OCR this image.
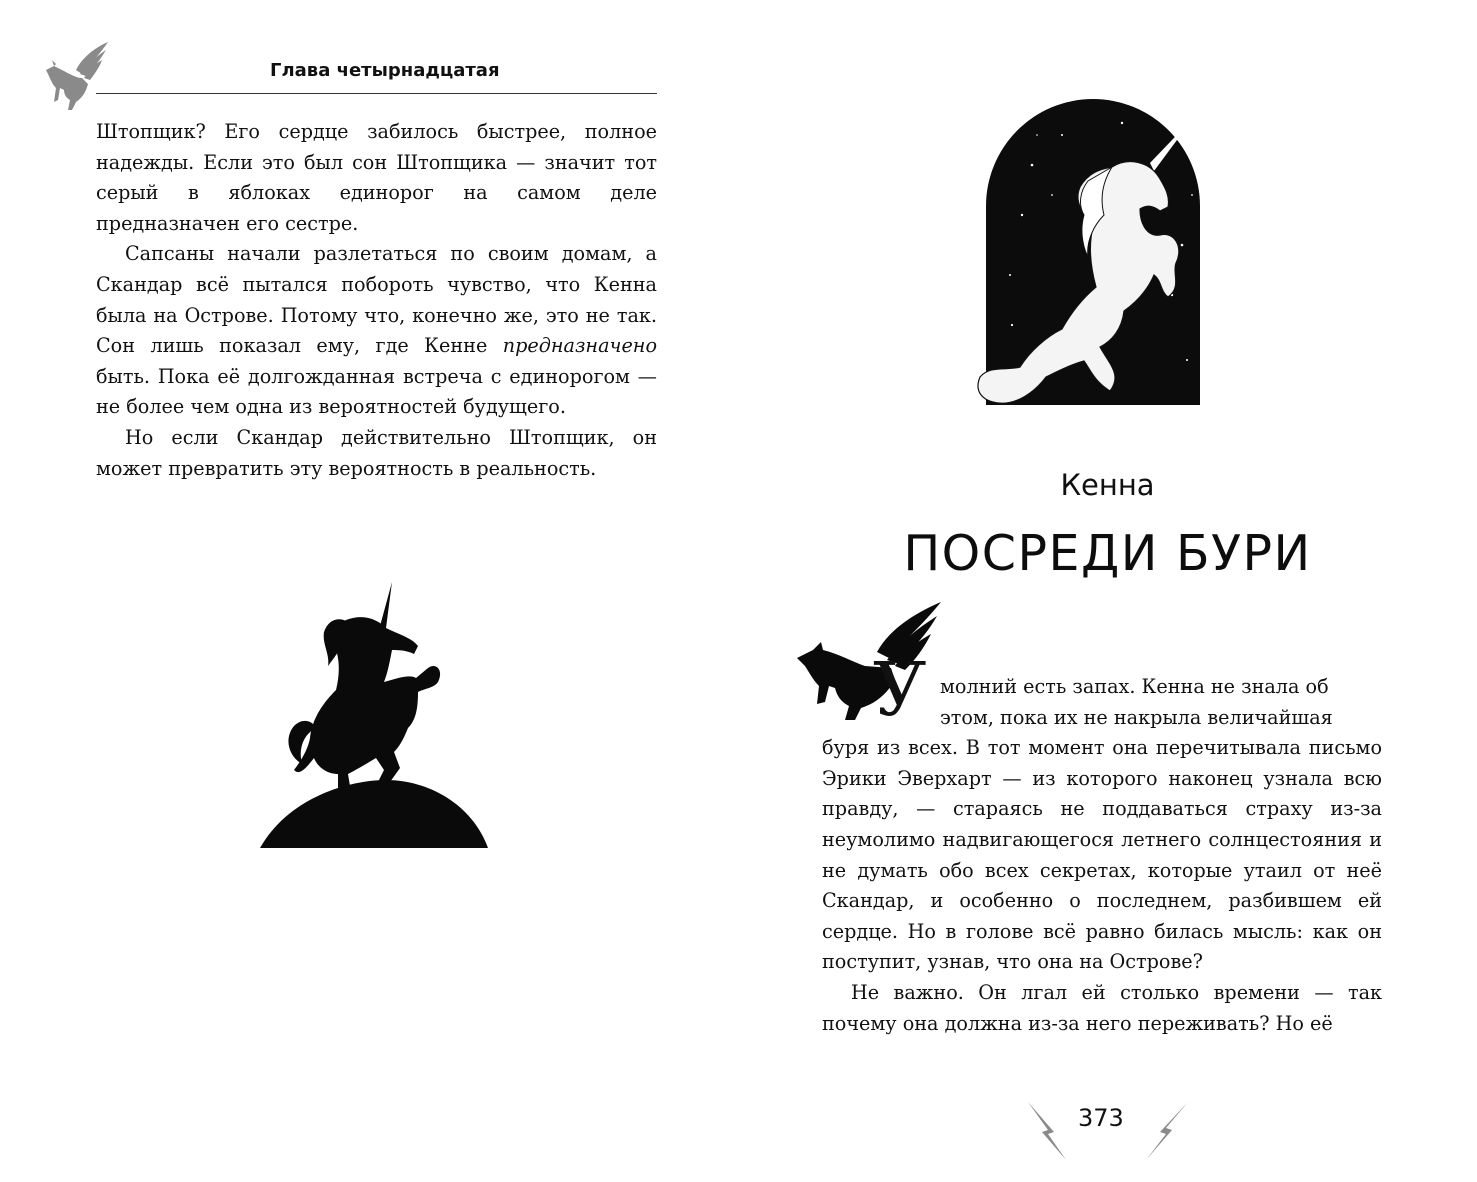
Глава четырнадцатая

Штопщик? Его сердце забилось быстрее, полное надежды. Если это был сон Штопщика — значит тот серый в яблоках единорог на самом деле предназначен его сестре.

Сапсаны начали разлетаться по своим домам, а Скандар всё пытался побороть чувство, что Кенна была на Острове. Потому что, конечно же, это не так. Сон лишь показал ему, где Кенне предназначено быть. Пока её долгожданная встреча с единорогом — не более чем одна из вероятностей будущего.

Но если Скандар действительно Штопщик, он может превратить эту вероятность в реальность.	Кенна
ПОСРЕДИ БУРИ
У молний есть запах. Кенна не знала об

этом, пока их не накрыла величайшая

буря из всех. В тот момент она перечитывала письмо Эрики Эверхарт — из которого наконец узнала всю правду, — стараясь не поддаваться страху из-за неумолимо надвигающегося летнего солнцестояния и не думать обо всех секретах, которые утаил от неё Скандар, и особенно о последнем, разбившем ей сердце. Но в голове всё равно билась мысль: как он поступит, узнав, что она на Острове?

Не важно. Он лгал ей столько времени — так почему она должна из-за него переживать? Но её

373
